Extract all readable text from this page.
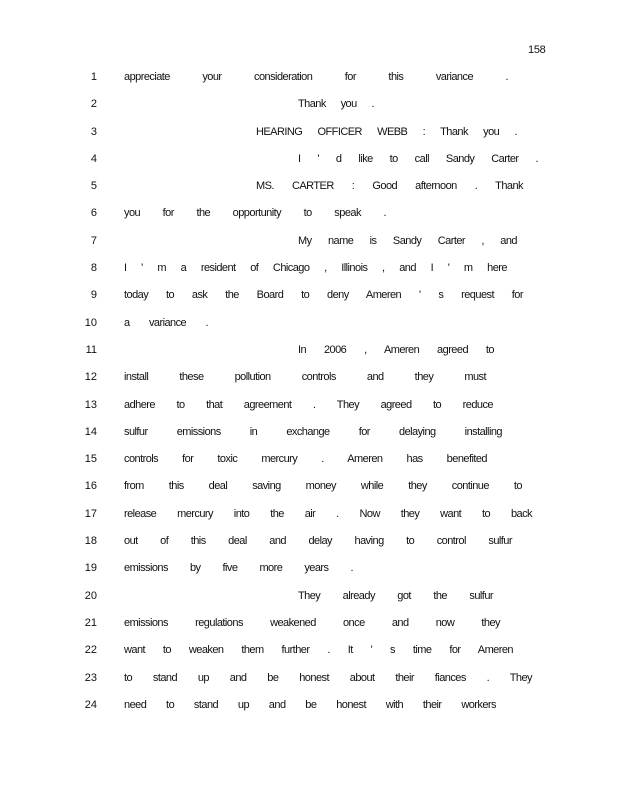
158
1 appreciate your consideration for this variance .
2	Thank you .
3	HEARING OFFICER WEBB : Thank you .
4	I ' d like to call Sandy Carter .
5	MS. CARTER : Good afternoon . Thank
6 you for the opportunity to speak .
7	My name is Sandy Carter , and
8 I ' m a resident of Chicago , Illinois , and I ' m here
9 today to ask the Board to deny Ameren ' s request for
10 a variance .
11	In 2006 , Ameren agreed to
12 install these pollution controls and they must
13 adhere to that agreement . They agreed to reduce
14 sulfur emissions in exchange for delaying installing
15 controls for toxic mercury . Ameren has benefited
16 from this deal saving money while they continue to
17 release mercury into the air . Now they want to back
18 out of this deal and delay having to control sulfur
19 emissions by five more years .
20	They already got the sulfur
21 emissions regulations weakened once and now they
22 want to weaken them further . It ' s time for Ameren
23 to stand up and be honest about their fiances . They
24 need to stand up and be honest with their workers
